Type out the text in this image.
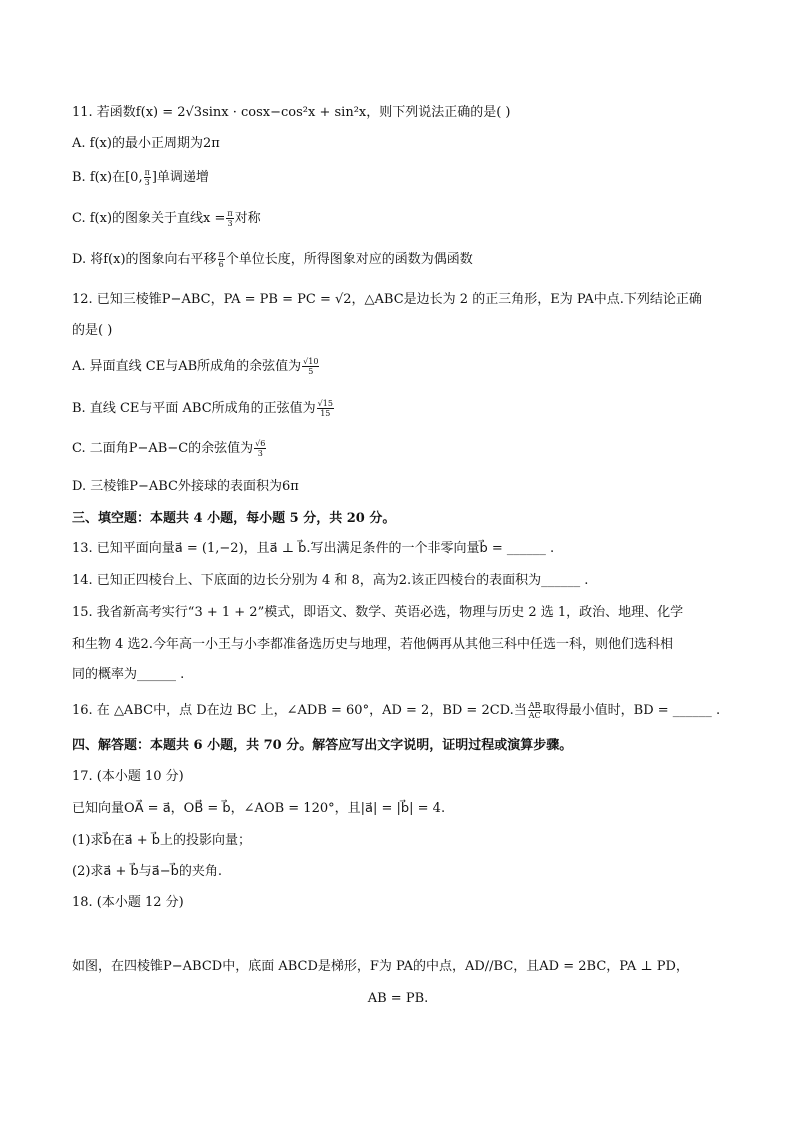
11. 若函数f(x) = 2√3sinx · cosx−cos²x + sin²x，则下列说法正确的是( )
A. f(x)的最小正周期为2π
B. f(x)在[0, $\frac{\pi}{3}$ ]单调递增
C. f(x)的图象关于直线$x = \frac{\pi}{3}$ 对称
D. 将f(x)的图象向右平移 $\frac{\pi}{6}$ 个单位长度，所得图象对应的函数为偶函数
12. 已知三棱锥P−ABC，PA = PB = PC = √2，△ABC是边长为 2 的正三角形，E为 PA中点.下列结论正确
的是( )
A. 异面直线 CE与AB所成角的余弦值为 $\frac{√10}{5}$
B. 直线 CE与平面 ABC所成角的正弦值为 $\frac{√15}{15}$
C. 二面角P−AB−C的余弦值为 $\frac{√6}{3}$
D. 三棱锥P−ABC外接球的表面积为6π
三、填空题：本题共 4 小题，每小题 5 分，共 20 分。
13. 已知平面向量a⃗ = (1,−2)，且a⃗ ⊥ b⃗.写出满足条件的一个非零向量b⃗ = ______ .
14. 已知正四棱台上、下底面的边长分别为 4 和 8，高为2.该正四棱台的表面积为______ .
15. 我省新高考实行“3 + 1 + 2”模式，即语文、数学、英语必选，物理与历史 2 选 1，政治、地理、化学
和生物 4 选2.今年高一小王与小李都准备选历史与地理，若他俩再从其他三科中任选一科，则他们选科相
同的概率为______ .
16. 在 △ABC中，点 D在边 BC 上，∠ADB = 60°，AD = 2，BD = 2CD.当 $\frac{AB}{AC}$ 取得最小值时，BD = ______ .
四、解答题：本题共 6 小题，共 70 分。解答应写出文字说明，证明过程或演算步骤。
17. (本小题 10 分)
已知向量OA⃗ = a⃗，OB⃗ = b⃗，∠AOB = 120°，且|a⃗| = |b⃗| = 4.
(1)求b⃗在a⃗ + b⃗上的投影向量；
(2)求a⃗ + b⃗与a⃗−b⃗的夹角.
18. (本小题 12 分)
如图，在四棱锥P−ABCD中，底面 ABCD是梯形，F为 PA的中点，AD//BC，且AD = 2BC，PA ⊥ PD，
AB = PB.
